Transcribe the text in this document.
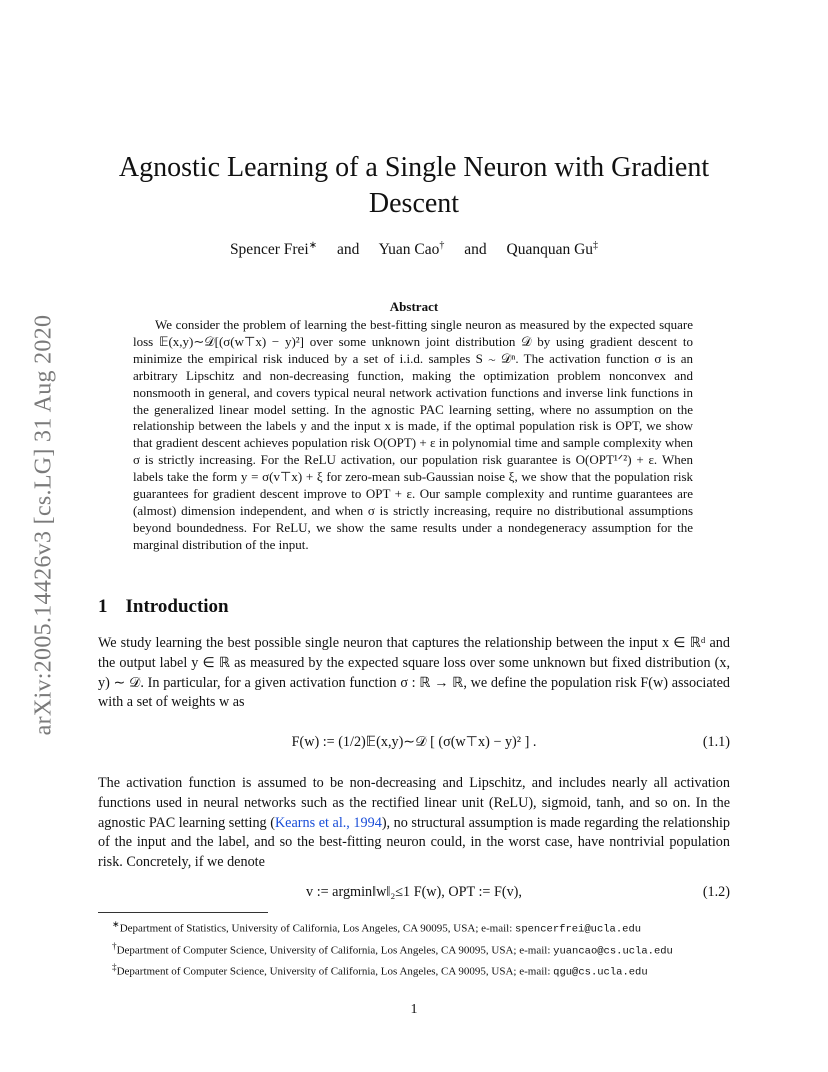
arXiv:2005.14426v3 [cs.LG] 31 Aug 2020
Agnostic Learning of a Single Neuron with Gradient Descent
Spencer Frei∗ and Yuan Cao† and Quanquan Gu‡
Abstract

We consider the problem of learning the best-fitting single neuron as measured by the expected square loss 𝔼(x,y)∼𝒟[(σ(w⊤x) − y)²] over some unknown joint distribution 𝒟 by using gradient descent to minimize the empirical risk induced by a set of i.i.d. samples S ∼ 𝒟ⁿ. The activation function σ is an arbitrary Lipschitz and non-decreasing function, making the optimization problem nonconvex and nonsmooth in general, and covers typical neural network activation functions and inverse link functions in the generalized linear model setting. In the agnostic PAC learning setting, where no assumption on the relationship between the labels y and the input x is made, if the optimal population risk is OPT, we show that gradient descent achieves population risk O(OPT) + ε in polynomial time and sample complexity when σ is strictly increasing. For the ReLU activation, our population risk guarantee is O(OPT¹ᐟ²) + ε. When labels take the form y = σ(v⊤x) + ξ for zero-mean sub-Gaussian noise ξ, we show that the population risk guarantees for gradient descent improve to OPT + ε. Our sample complexity and runtime guarantees are (almost) dimension independent, and when σ is strictly increasing, require no distributional assumptions beyond boundedness. For ReLU, we show the same results under a nondegeneracy assumption for the marginal distribution of the input.

1 Introduction

We study learning the best possible single neuron that captures the relationship between the input x ∈ ℝᵈ and the output label y ∈ ℝ as measured by the expected square loss over some unknown but fixed distribution (x, y) ∼ 𝒟. In particular, for a given activation function σ : ℝ → ℝ, we define the population risk F(w) associated with a set of weights w as

F(w) := (1/2)𝔼(x,y)∼𝒟 [ (σ(w⊤x) − y)² ] .	(1.1)

The activation function is assumed to be non-decreasing and Lipschitz, and includes nearly all activation functions used in neural networks such as the rectified linear unit (ReLU), sigmoid, tanh, and so on. In the agnostic PAC learning setting (Kearns et al., 1994), no structural assumption is made regarding the relationship of the input and the label, and so the best-fitting neuron could, in the worst case, have nontrivial population risk. Concretely, if we denote

v := argmin‖w‖₂≤1 F(w), OPT := F(v),	(1.2)

∗Department of Statistics, University of California, Los Angeles, CA 90095, USA; e-mail: spencerfrei@ucla.edu

†Department of Computer Science, University of California, Los Angeles, CA 90095, USA; e-mail: yuancao@cs.ucla.edu

‡Department of Computer Science, University of California, Los Angeles, CA 90095, USA; e-mail: qgu@cs.ucla.edu

1
